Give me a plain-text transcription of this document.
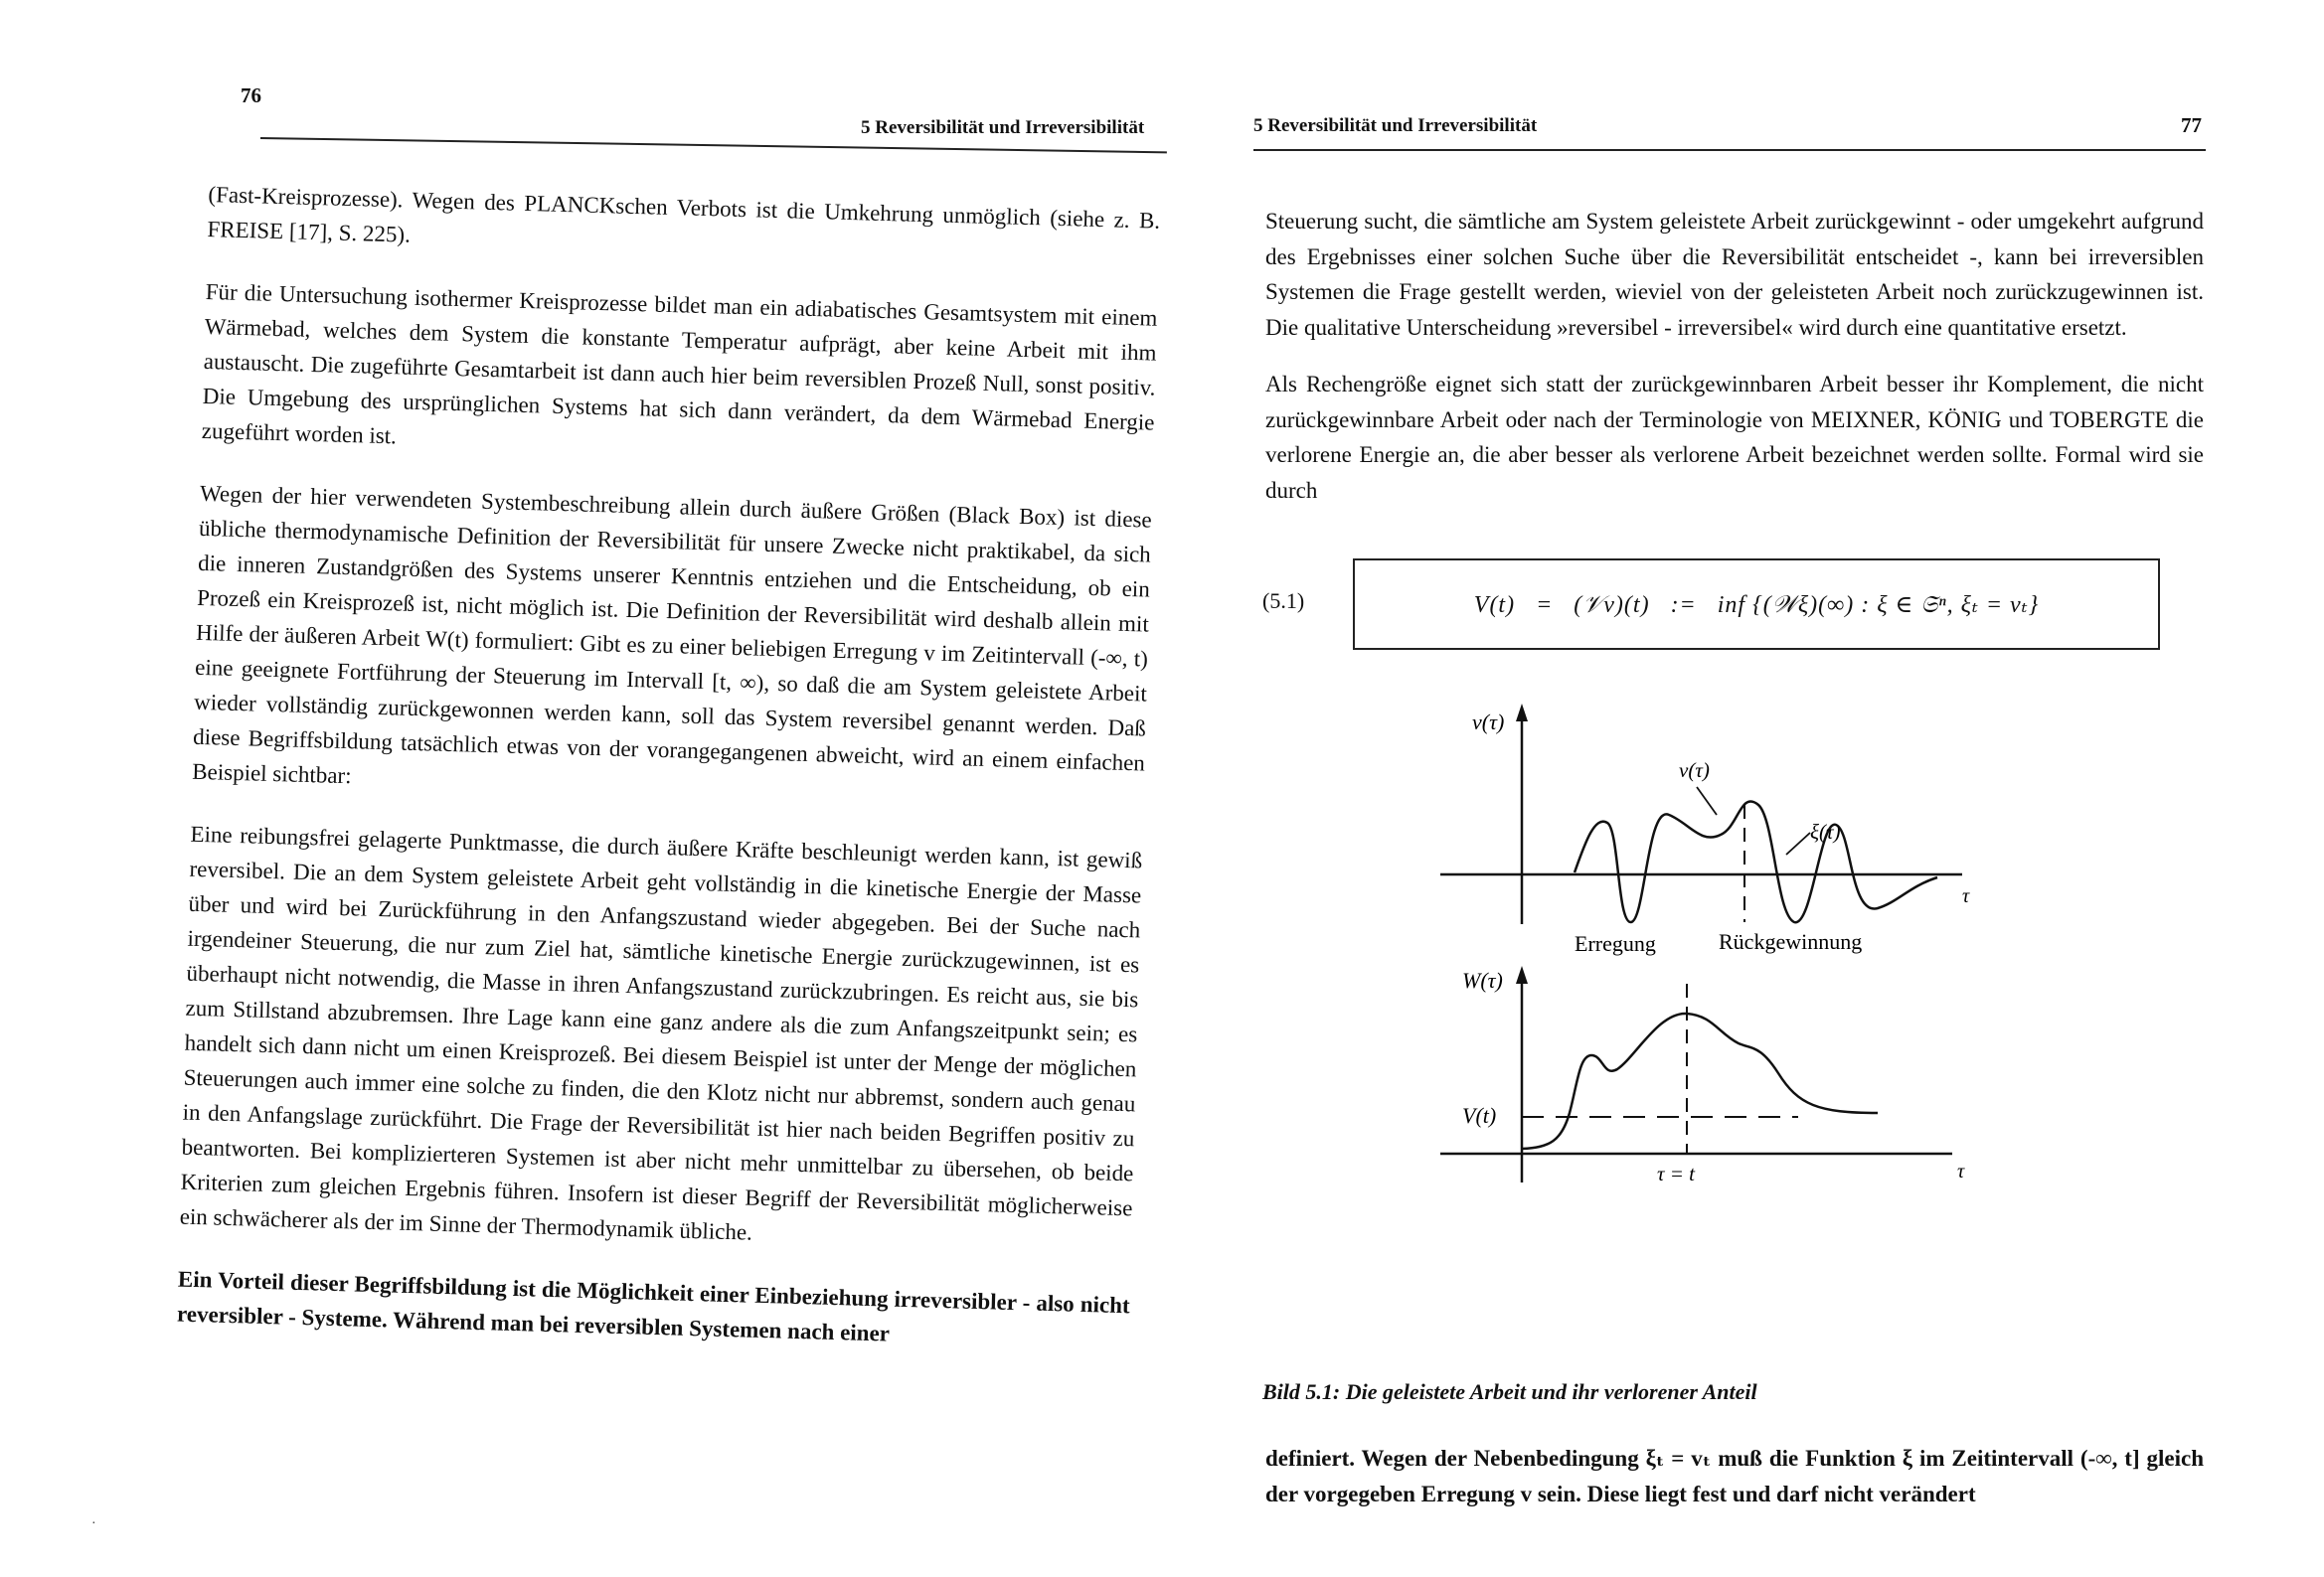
76
5 Reversibilität und Irreversibilität

(Fast-Kreisprozesse). Wegen des PLANCKschen Verbots ist die Umkehrung unmöglich (siehe z. B. FREISE [17], S. 225).

Für die Untersuchung isothermer Kreisprozesse bildet man ein adiabatisches Gesamtsystem mit einem Wärmebad, welches dem System die konstante Temperatur aufprägt, aber keine Arbeit mit ihm austauscht. Die zugeführte Gesamtarbeit ist dann auch hier beim reversiblen Prozeß Null, sonst positiv. Die Umgebung des ursprünglichen Systems hat sich dann verändert, da dem Wärmebad Energie zugeführt worden ist.

Wegen der hier verwendeten Systembeschreibung allein durch äußere Größen (Black Box) ist diese übliche thermodynamische Definition der Reversibilität für unsere Zwecke nicht praktikabel, da sich die inneren Zustandgrößen des Systems unserer Kenntnis entziehen und die Entscheidung, ob ein Prozeß ein Kreisprozeß ist, nicht möglich ist. Die Definition der Reversibilität wird deshalb allein mit Hilfe der äußeren Arbeit W(t) formuliert: Gibt es zu einer beliebigen Erregung v im Zeitintervall (-∞, t) eine geeignete Fortführung der Steuerung im Intervall [t, ∞), so daß die am System geleistete Arbeit wieder vollständig zurückgewonnen werden kann, soll das System reversibel genannt werden. Daß diese Begriffsbildung tatsächlich etwas von der vorangegangenen abweicht, wird an einem einfachen Beispiel sichtbar:

Eine reibungsfrei gelagerte Punktmasse, die durch äußere Kräfte beschleunigt werden kann, ist gewiß reversibel. Die an dem System geleistete Arbeit geht vollständig in die kinetische Energie der Masse über und wird bei Zurückführung in den Anfangszustand wieder abgegeben. Bei der Suche nach irgendeiner Steuerung, die nur zum Ziel hat, sämtliche kinetische Energie zurückzugewinnen, ist es überhaupt nicht notwendig, die Masse in ihren Anfangszustand zurückzubringen. Es reicht aus, sie bis zum Stillstand abzubremsen. Ihre Lage kann eine ganz andere als die zum Anfangszeitpunkt sein; es handelt sich dann nicht um einen Kreisprozeß. Bei diesem Beispiel ist unter der Menge der möglichen Steuerungen auch immer eine solche zu finden, die den Klotz nicht nur abbremst, sondern auch genau in den Anfangslage zurückführt. Die Frage der Reversibilität ist hier nach beiden Begriffen positiv zu beantworten. Bei komplizierteren Systemen ist aber nicht mehr unmittelbar zu übersehen, ob beide Kriterien zum gleichen Ergebnis führen. Insofern ist dieser Begriff der Reversibilität möglicherweise ein schwächerer als der im Sinne der Thermodynamik übliche.

Ein Vorteil dieser Begriffsbildung ist die Möglichkeit einer Einbeziehung irreversibler - also nicht reversibler - Systeme. Während man bei reversiblen Systemen nach einer

·
5 Reversibilität und Irreversibilität	77

Steuerung sucht, die sämtliche am System geleistete Arbeit zurückgewinnt - oder umgekehrt aufgrund des Ergebnisses einer solchen Suche über die Reversibilität entscheidet -, kann bei irreversiblen Systemen die Frage gestellt werden, wieviel von der geleisteten Arbeit noch zurückzugewinnen ist. Die qualitative Unterscheidung »reversibel - irreversibel« wird durch eine quantitative ersetzt.

Als Rechengröße eignet sich statt der zurückgewinnbaren Arbeit besser ihr Komplement, die nicht zurückgewinnbare Arbeit oder nach der Terminologie von MEIXNER, KÖNIG und TOBERGTE die verlorene Energie an, die aber besser als verlorene Arbeit bezeichnet werden sollte. Formal wird sie durch

(5.1)	V(t)   =   (𝒱v)(t)   :=   inf {(𝒲ξ)(∞) : ξ ∈ 𝔖ⁿ, ξₜ = vₜ}
v(τ)
τ
v(τ)
ξ(τ)
Erregung	Rückgewinnung
W(τ)
τ
V(t)
τ = t
Bild 5.1: Die geleistete Arbeit und ihr verlorener Anteil

definiert. Wegen der Nebenbedingung ξₜ = vₜ muß die Funktion ξ im Zeitintervall (-∞, t] gleich der vorgegeben Erregung v sein. Diese liegt fest und darf nicht verändert
